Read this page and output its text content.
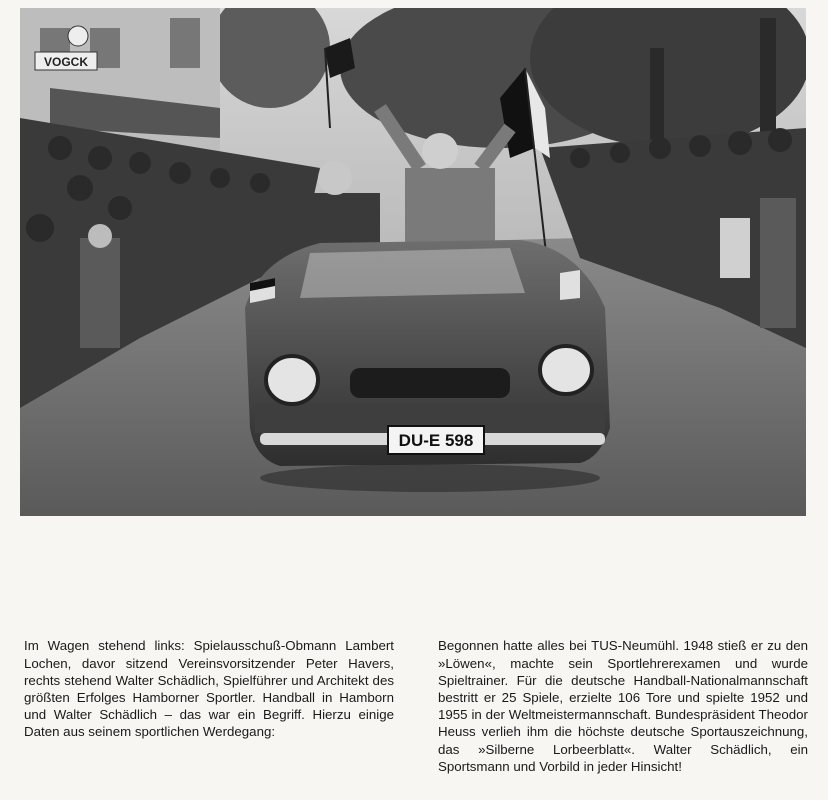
VOGCK
DU-E 598

Im Wagen stehend links: Spielausschuß-Obmann Lambert Lochen, davor sitzend Vereinsvorsitzender Peter Havers, rechts stehend Walter Schädlich, Spielführer und Architekt des größten Erfolges Hamborner Sportler. Handball in Hamborn und Walter Schädlich – das war ein Begriff. Hierzu einige Daten aus seinem sportlichen Werdegang:

Begonnen hatte alles bei TUS-Neumühl. 1948 stieß er zu den »Löwen«, machte sein Sportlehrerexamen und wurde Spieltrainer. Für die deutsche Handball-Nationalmannschaft bestritt er 25 Spiele, erzielte 106 Tore und spielte 1952 und 1955 in der Weltmeistermannschaft. Bundespräsident Theodor Heuss verlieh ihm die höchste deutsche Sportauszeichnung, das »Silberne Lorbeerblatt«. Walter Schädlich, ein Sportsmann und Vorbild in jeder Hinsicht!
